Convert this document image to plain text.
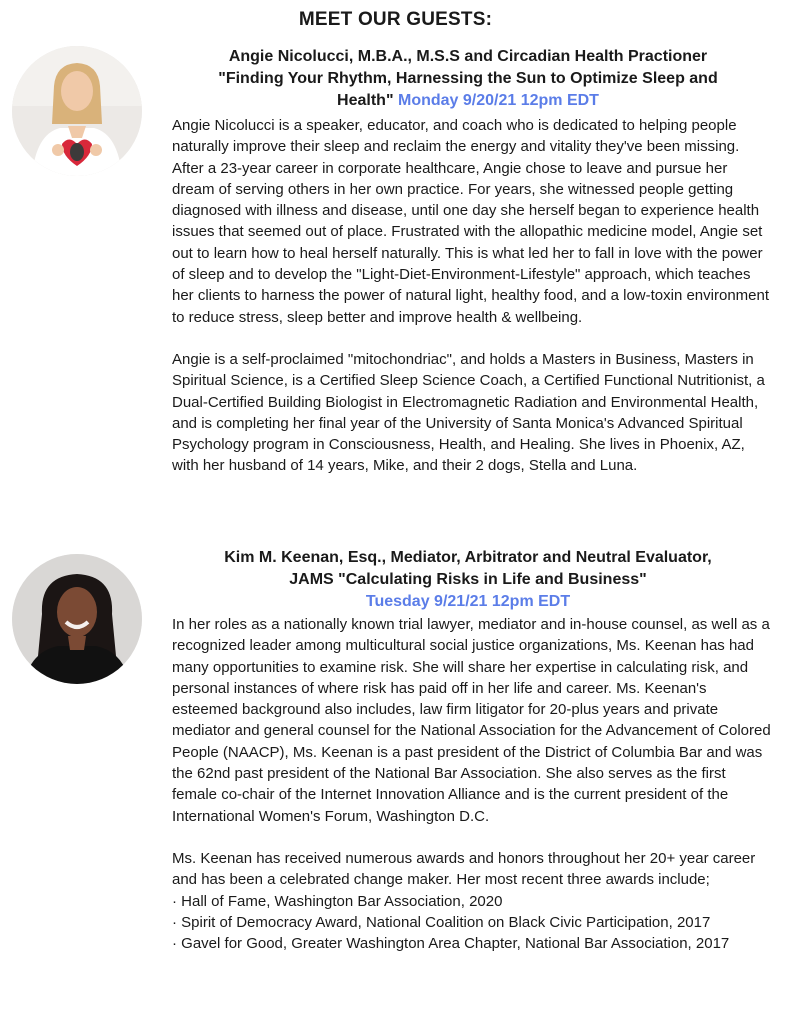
MEET OUR GUESTS:

Angie Nicolucci, M.B.A., M.S.S and Circadian Health Practioner
"Finding Your Rhythm, Harnessing the Sun to Optimize Sleep and
Health" Monday 9/20/21 12pm EDT

Angie Nicolucci is a speaker, educator, and coach who is dedicated to helping people naturally improve their sleep and reclaim the energy and vitality they've been missing. After a 23-year career in corporate healthcare, Angie chose to leave and pursue her dream of serving others in her own practice. For years, she witnessed people getting diagnosed with illness and disease, until one day she herself began to experience health issues that seemed out of place. Frustrated with the allopathic medicine model, Angie set out to learn how to heal herself naturally. This is what led her to fall in love with the power of sleep and to develop the "Light-Diet-Environment-Lifestyle" approach, which teaches her clients to harness the power of natural light, healthy food, and a low-toxin environment to reduce stress, sleep better and improve health & wellbeing.

Angie is a self-proclaimed "mitochondriac", and holds a Masters in Business, Masters in Spiritual Science, is a Certified Sleep Science Coach, a Certified Functional Nutritionist, a Dual-Certified Building Biologist in Electromagnetic Radiation and Environmental Health, and is completing her final year of the University of Santa Monica's Advanced Spiritual Psychology program in Consciousness, Health, and Healing. She lives in Phoenix, AZ, with her husband of 14 years, Mike, and their 2 dogs, Stella and Luna.

Kim M. Keenan, Esq., Mediator, Arbitrator and Neutral Evaluator,
JAMS "Calculating Risks in Life and Business"
Tuesday 9/21/21 12pm EDT

In her roles as a nationally known trial lawyer, mediator and in-house counsel, as well as a recognized leader among multicultural social justice organizations, Ms. Keenan has had many opportunities to examine risk. She will share her expertise in calculating risk, and personal instances of where risk has paid off in her life and career. Ms. Keenan's esteemed background also includes, law firm litigator for 20-plus years and private mediator and general counsel for the National Association for the Advancement of Colored People (NAACP), Ms. Keenan is a past president of the District of Columbia Bar and was the 62nd past president of the National Bar Association. She also serves as the first female co-chair of the Internet Innovation Alliance and is the current president of the International Women's Forum, Washington D.C.

Ms. Keenan has received numerous awards and honors throughout her 20+ year career and has been a celebrated change maker. Her most recent three awards include;

· Hall of Fame, Washington Bar Association, 2020
· Spirit of Democracy Award, National Coalition on Black Civic Participation, 2017
· Gavel for Good, Greater Washington Area Chapter, National Bar Association, 2017
